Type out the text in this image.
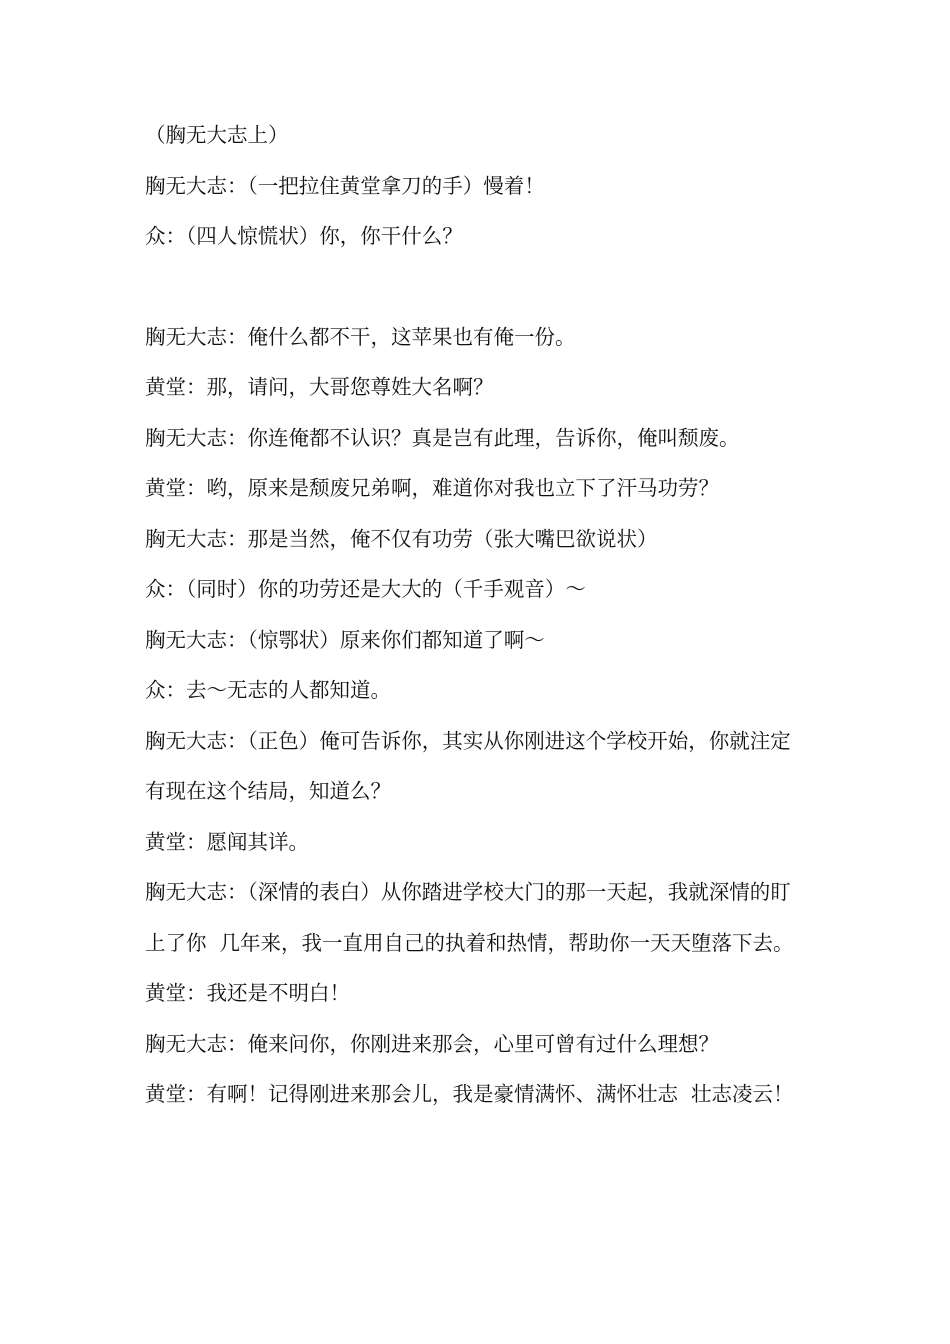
（胸无大志上）

胸无大志：（一把拉住黄堂拿刀的手）慢着！

众：（四人惊慌状）你，你干什么？

胸无大志：俺什么都不干，这苹果也有俺一份。

黄堂：那，请问，大哥您尊姓大名啊？

胸无大志：你连俺都不认识？真是岂有此理，告诉你，俺叫颓废。

黄堂：哟，原来是颓废兄弟啊，难道你对我也立下了汗马功劳？

胸无大志：那是当然，俺不仅有功劳（张大嘴巴欲说状）

众：（同时）你的功劳还是大大的（千手观音）～

胸无大志：（惊鄂状）原来你们都知道了啊～

众：去～无志的人都知道。

胸无大志：（正色）俺可告诉你，其实从你刚进这个学校开始，你就注定有现在这个结局，知道么？

黄堂：愿闻其详。

胸无大志：（深情的表白）从你踏进学校大门的那一天起，我就深情的盯上了你  几年来，我一直用自己的执着和热情，帮助你一天天堕落下去。

黄堂：我还是不明白！

胸无大志：俺来问你，你刚进来那会，心里可曾有过什么理想？

黄堂：有啊！记得刚进来那会儿，我是豪情满怀、满怀壮志  壮志凌云！
